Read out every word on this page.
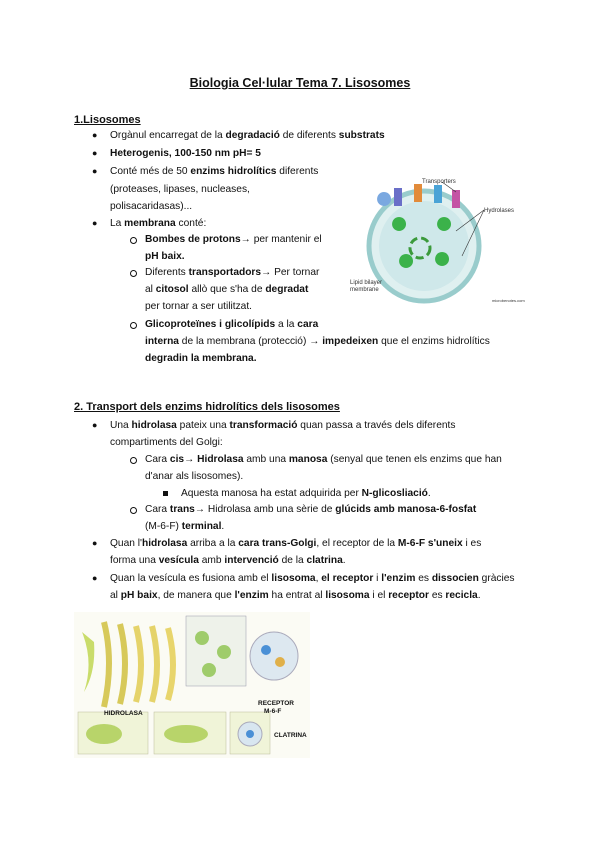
Biologia Cel·lular Tema 7. Lisosomes
1.Lisosomes
● Orgànul encarregat de la degradació de diferents substrats
● Heterogenis, 100-150 nm pH= 5
● Conté més de 50 enzims hidrolítics diferents
(proteases, lipases, nucleases,
polisacaridasas)...
● La membrana conté:
Bombes de protons→ per mantenir el
pH baix.
Diferents transportadors→ Per tornar
al citosol allò que s'ha de degradat
per tornar a ser utilitzat.
Glicoproteïnes i glicolípids a la cara
interna de la membrana (protecció) → impedeixen que el enzims hidrolítics
degradin la membrana.
Transporters
Hydrolases
Lipid bilayer
membrane
microbenotes.com
2. Transport dels enzims hidrolítics dels lisosomes
● Una hidrolasa pateix una transformació quan passa a través dels diferents
compartiments del Golgi:
Cara cis→ Hidrolasa amb una manosa (senyal que tenen els enzims que han
d'anar als lisosomes).
Aquesta manosa ha estat adquirida per N-glicosliació.
Cara trans→ Hidrolasa amb una sèrie de glúcids amb manosa-6-fosfat
(M-6-F) terminal.
● Quan l'hidrolasa arriba a la cara trans-Golgi, el receptor de la M-6-F s'uneix i es
forma una vesícula amb intervenció de la clatrina.
● Quan la vesícula es fusiona amb el lisosoma, el receptor i l'enzim es dissocien gràcies
al pH baix, de manera que l'enzim ha entrat al lisosoma i el receptor es recicla.
HIDROLASA
RECEPTOR
M-6-F
CLATRINA
